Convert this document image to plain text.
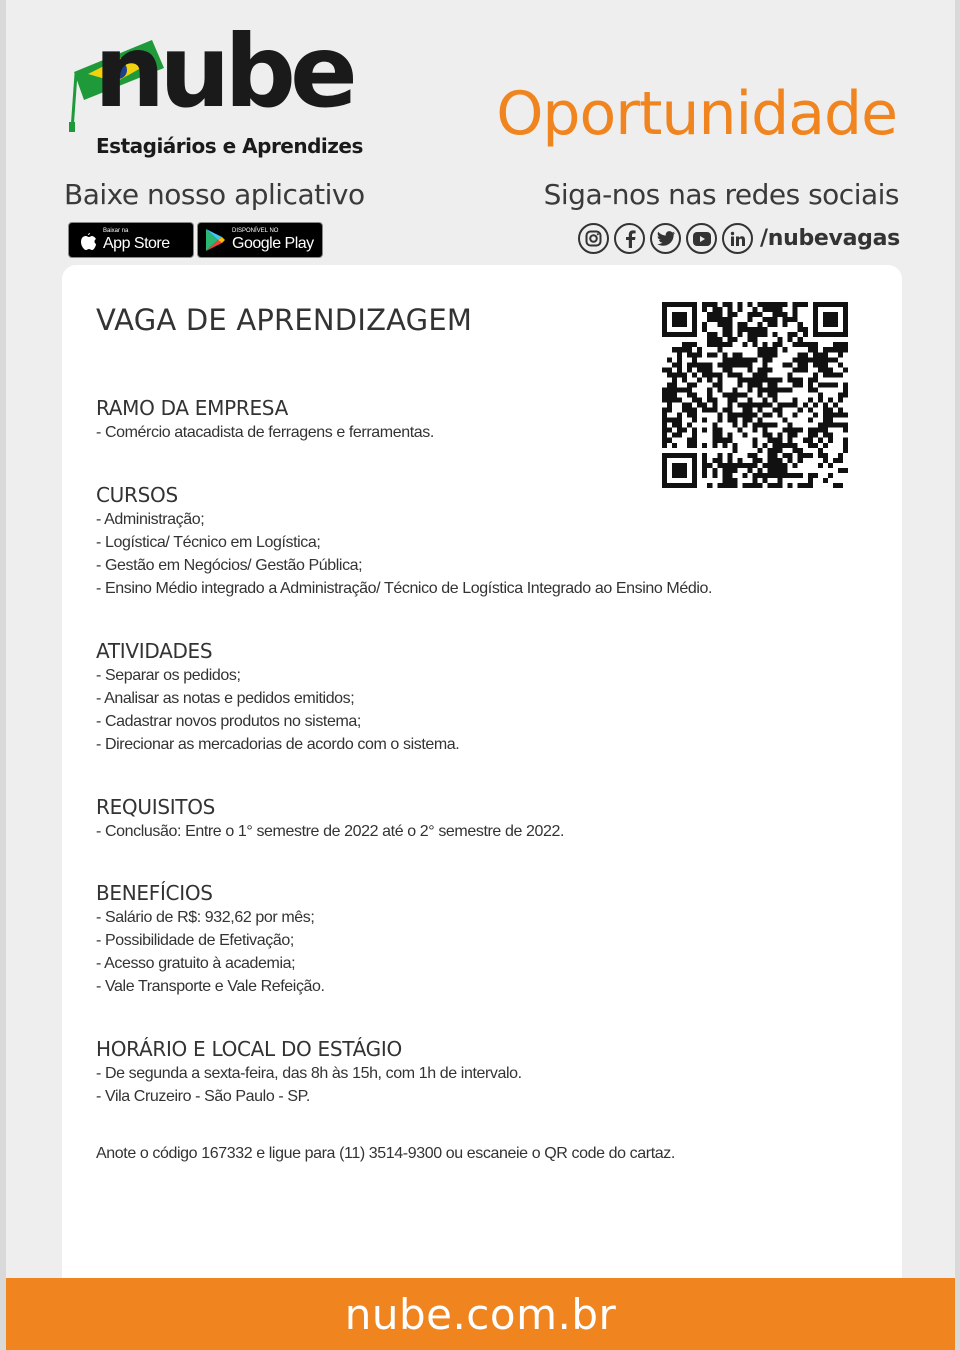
nube
Estagiários e Aprendizes Oportunidade
Baixe nosso aplicativo	Siga-nos nas redes sociais
Baixar na
App Store
DISPONÍVEL NO
Google Play	/nubevagas
VAGA DE APRENDIZAGEM
RAMO DA EMPRESA
- Comércio atacadista de ferragens e ferramentas.
CURSOS
- Administração;
- Logística/ Técnico em Logística;
- Gestão em Negócios/ Gestão Pública;
- Ensino Médio integrado a Administração/ Técnico de Logística Integrado ao Ensino Médio.
ATIVIDADES
- Separar os pedidos;
- Analisar as notas e pedidos emitidos;
- Cadastrar novos produtos no sistema;
- Direcionar as mercadorias de acordo com o sistema.
REQUISITOS
- Conclusão: Entre o 1° semestre de 2022 até o 2° semestre de 2022.
BENEFÍCIOS
- Salário de R$: 932,62 por mês;
- Possibilidade de Efetivação;
- Acesso gratuito à academia;
- Vale Transporte e Vale Refeição.
HORÁRIO E LOCAL DO ESTÁGIO
- De segunda a sexta-feira, das 8h às 15h, com 1h de intervalo.
- Vila Cruzeiro - São Paulo - SP.
Anote o código 167332 e ligue para (11) 3514-9300 ou escaneie o QR code do cartaz.
nube.com.br
